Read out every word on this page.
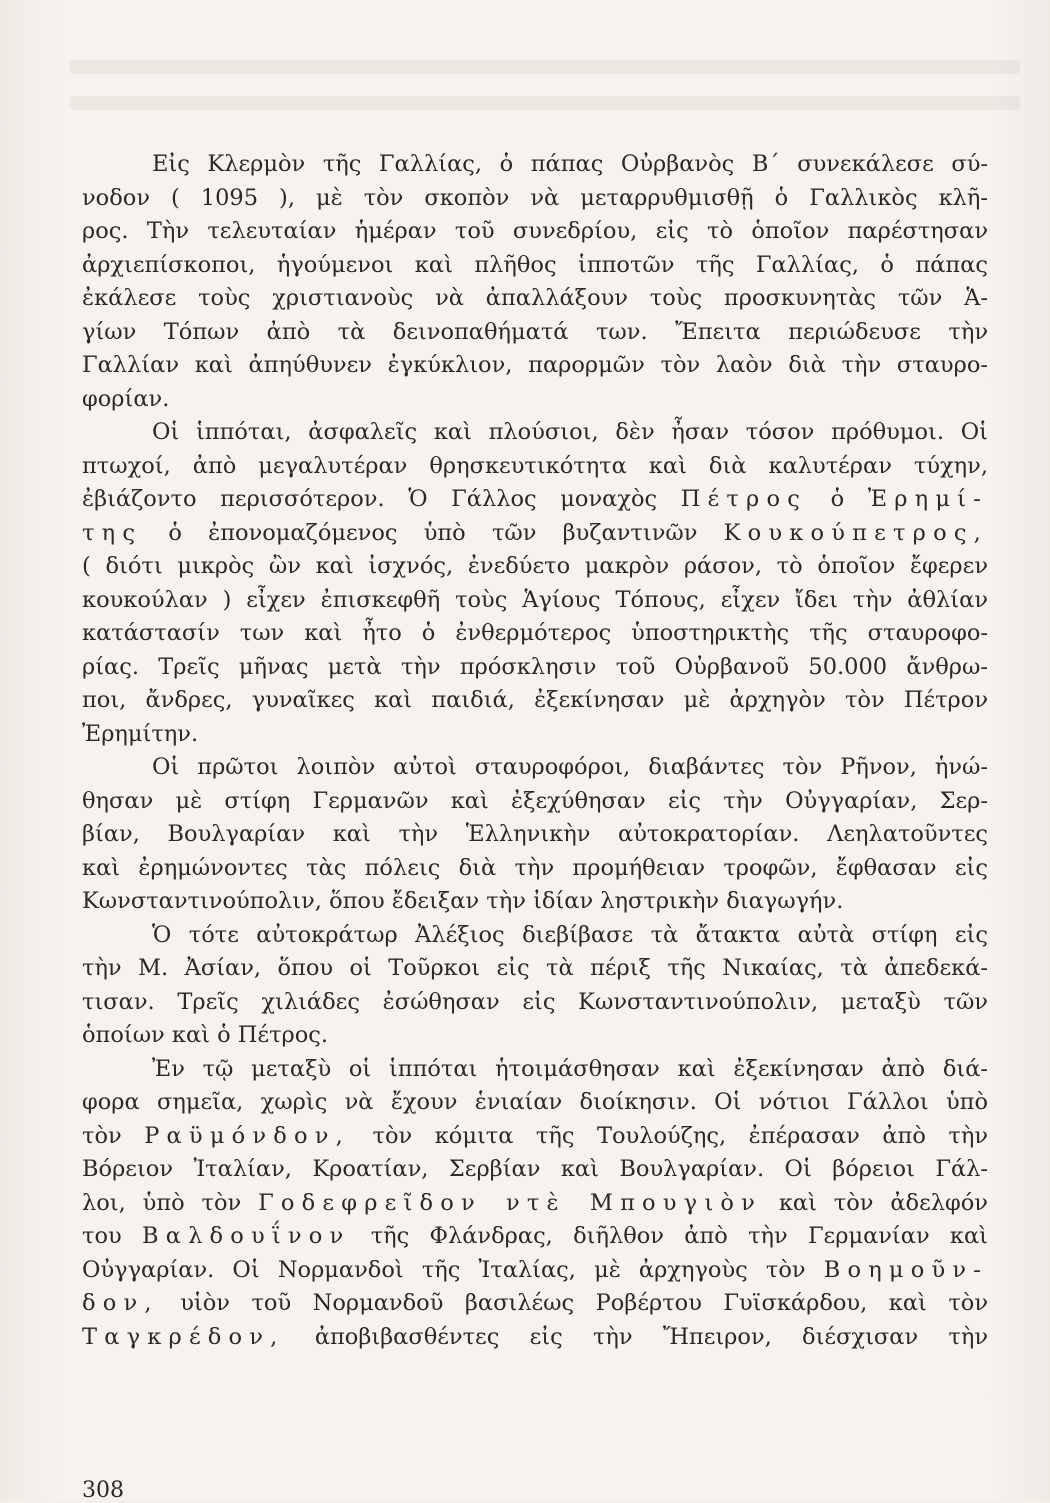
Εἰς Κλερμὸν τῆς Γαλλίας, ὁ πάπας Οὐρβανὸς Β΄ συνεκάλεσε σύ-
νοδον ( 1095 ), μὲ τὸν σκοπὸν νὰ μεταρρυθμισθῇ ὁ Γαλλικὸς κλῆ-
ρος. Τὴν τελευταίαν ἡμέραν τοῦ συνεδρίου, εἰς τὸ ὁποῖον παρέστησαν
ἀρχιεπίσκοποι, ἡγούμενοι καὶ πλῆθος ἱπποτῶν τῆς Γαλλίας, ὁ πάπας
ἐκάλεσε τοὺς χριστιανοὺς νὰ ἀπαλλάξουν τοὺς προσκυνητὰς τῶν Ἁ-
γίων Τόπων ἀπὸ τὰ δεινοπαθήματά των. Ἔπειτα περιώδευσε τὴν
Γαλλίαν καὶ ἀπηύθυνεν ἐγκύκλιον, παρορμῶν τὸν λαὸν διὰ τὴν σταυρο-
φορίαν.
Οἱ ἱππόται, ἀσφαλεῖς καὶ πλούσιοι, δὲν ἦσαν τόσον πρόθυμοι. Οἱ
πτωχοί, ἀπὸ μεγαλυτέραν θρησκευτικότητα καὶ διὰ καλυτέραν τύχην,
ἐβιάζοντο περισσότερον. Ὁ Γάλλος μοναχὸς Πέτρος ὁ Ἐρημί-
της ὁ ἐπονομαζόμενος ὑπὸ τῶν βυζαντινῶν Κουκούπετρος,
( διότι μικρὸς ὢν καὶ ἰσχνός, ἐνεδύετο μακρὸν ράσον, τὸ ὁποῖον ἔφερεν
κουκούλαν ) εἶχεν ἐπισκεφθῆ τοὺς Ἁγίους Τόπους, εἶχεν ἴδει τὴν ἀθλίαν
κατάστασίν των καὶ ἦτο ὁ ἐνθερμότερος ὑποστηρικτὴς τῆς σταυροφο-
ρίας. Τρεῖς μῆνας μετὰ τὴν πρόσκλησιν τοῦ Οὐρβανοῦ 50.000 ἄνθρω-
ποι, ἄνδρες, γυναῖκες καὶ παιδιά, ἐξεκίνησαν μὲ ἀρχηγὸν τὸν Πέτρον
Ἐρημίτην.
Οἱ πρῶτοι λοιπὸν αὐτοὶ σταυροφόροι, διαβάντες τὸν Ρῆνον, ἡνώ-
θησαν μὲ στίφη Γερμανῶν καὶ ἐξεχύθησαν εἰς τὴν Οὐγγαρίαν, Σερ-
βίαν, Βουλγαρίαν καὶ τὴν Ἑλληνικὴν αὐτοκρατορίαν. Λεηλατοῦντες
καὶ ἐρημώνοντες τὰς πόλεις διὰ τὴν προμήθειαν τροφῶν, ἔφθασαν εἰς
Κωνσταντινούπολιν, ὅπου ἔδειξαν τὴν ἰδίαν ληστρικὴν διαγωγήν.
Ὁ τότε αὐτοκράτωρ Ἀλέξιος διεβίβασε τὰ ἄτακτα αὐτὰ στίφη εἰς
τὴν Μ. Ἀσίαν, ὅπου οἱ Τοῦρκοι εἰς τὰ πέριξ τῆς Νικαίας, τὰ ἀπεδεκά-
τισαν. Τρεῖς χιλιάδες ἐσώθησαν εἰς Κωνσταντινούπολιν, μεταξὺ τῶν
ὁποίων καὶ ὁ Πέτρος.
Ἐν τῷ μεταξὺ οἱ ἱππόται ἡτοιμάσθησαν καὶ ἐξεκίνησαν ἀπὸ διά-
φορα σημεῖα, χωρὶς νὰ ἔχουν ἑνιαίαν διοίκησιν. Οἱ νότιοι Γάλλοι ὑπὸ
τὸν Ραϋμόνδον, τὸν κόμιτα τῆς Τουλούζης, ἐπέρασαν ἀπὸ τὴν
Βόρειον Ἰταλίαν, Κροατίαν, Σερβίαν καὶ Βουλγαρίαν. Οἱ βόρειοι Γάλ-
λοι, ὑπὸ τὸν Γοδεφρεῖδον ντὲ Μπουγιὸν καὶ τὸν ἀδελφόν
του Βαλδουΐνον τῆς Φλάνδρας, διῆλθον ἀπὸ τὴν Γερμανίαν καὶ
Οὐγγαρίαν. Οἱ Νορμανδοὶ τῆς Ἰταλίας, μὲ ἀρχηγοὺς τὸν Βοημοῦν-
δον, υἱὸν τοῦ Νορμανδοῦ βασιλέως Ροβέρτου Γυϊσκάρδου, καὶ τὸν
Ταγκρέδον, ἀποβιβασθέντες εἰς τὴν Ἤπειρον, διέσχισαν τὴν
308
